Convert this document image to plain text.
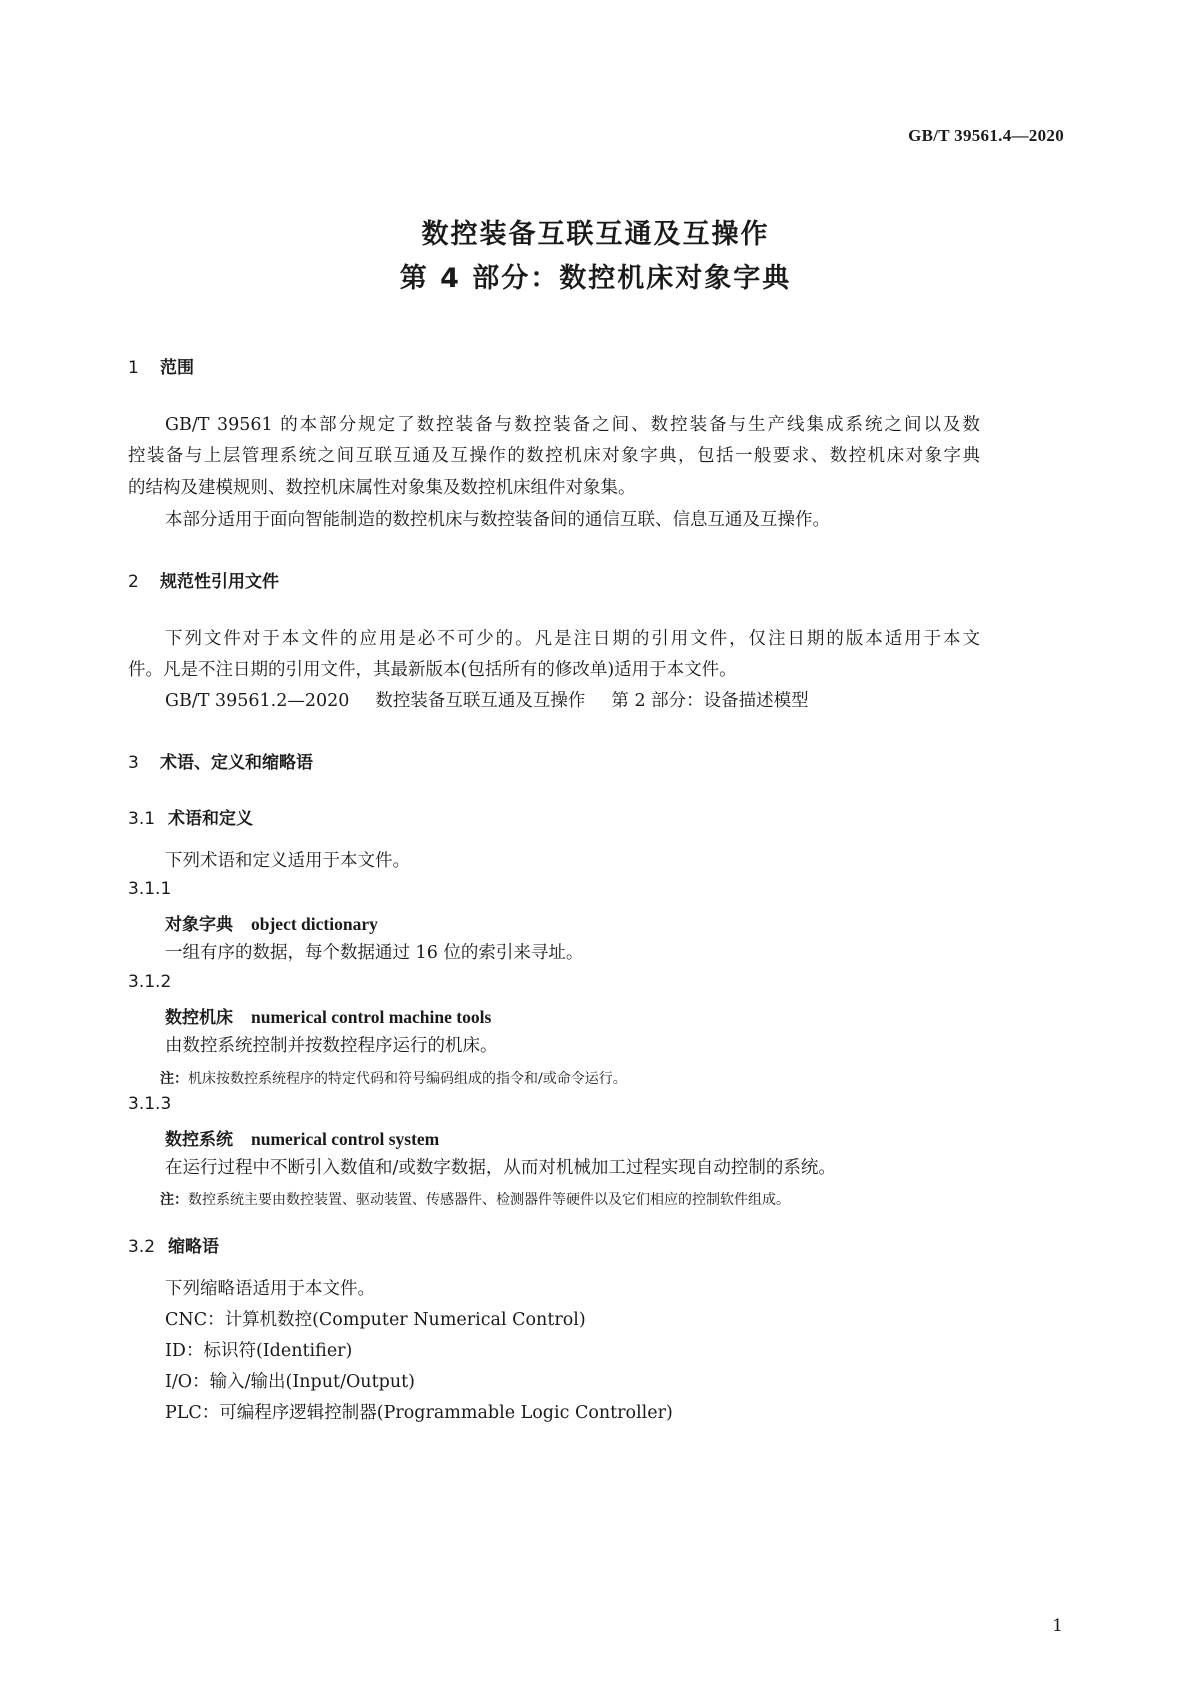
GB/T 39561.4—2020
数控装备互联互通及互操作
第 4 部分：数控机床对象字典
1 范围
GB/T 39561 的本部分规定了数控装备与数控装备之间、数控装备与生产线集成系统之间以及数
控装备与上层管理系统之间互联互通及互操作的数控机床对象字典，包括一般要求、数控机床对象字典
的结构及建模规则、数控机床属性对象集及数控机床组件对象集。
本部分适用于面向智能制造的数控机床与数控装备间的通信互联、信息互通及互操作。
2 规范性引用文件
下列文件对于本文件的应用是必不可少的。凡是注日期的引用文件，仅注日期的版本适用于本文
件。凡是不注日期的引用文件，其最新版本(包括所有的修改单)适用于本文件。
GB/T 39561.2—2020 数控装备互联互通及互操作 第 2 部分：设备描述模型
3 术语、定义和缩略语
3.1 术语和定义
下列术语和定义适用于本文件。
3.1.1
对象字典 object dictionary
一组有序的数据，每个数据通过 16 位的索引来寻址。
3.1.2
数控机床 numerical control machine tools
由数控系统控制并按数控程序运行的机床。
注：机床按数控系统程序的特定代码和符号编码组成的指令和/或命令运行。
3.1.3
数控系统 numerical control system
在运行过程中不断引入数值和/或数字数据，从而对机械加工过程实现自动控制的系统。
注：数控系统主要由数控装置、驱动装置、传感器件、检测器件等硬件以及它们相应的控制软件组成。
3.2 缩略语
下列缩略语适用于本文件。
CNC：计算机数控(Computer Numerical Control)
ID：标识符(Identifier)
I/O：输入/输出(Input/Output)
PLC：可编程序逻辑控制器(Programmable Logic Controller)
1
